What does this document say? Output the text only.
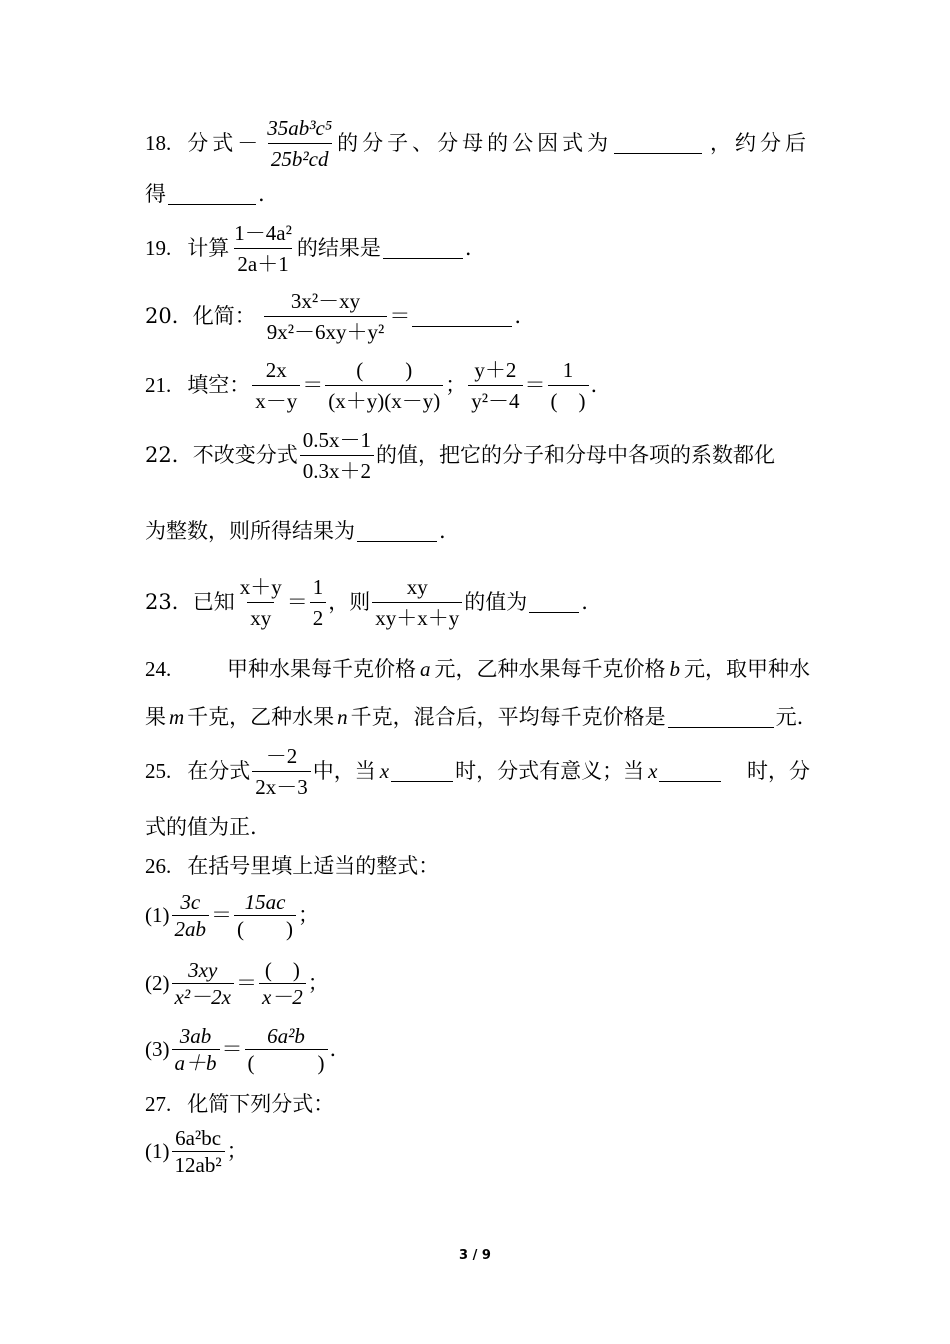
18. 分式－ $\frac{\text{35ab³c⁵}}{\text{25b²cd}}$ 的分子、分母的公因式为	，约分后
得	.
19. 计算 $\frac{\text{1－4a²}}{2a+1}$ 的结果是	.
20．化简： $\frac{\text{3x²－xy}}{\text{9x²－6xy＋y²}}$ ＝	.
21. 填空： $\frac{2x}{x-y} = \frac{( )}{(x+y)(x-y)}$ ； $\frac{y+2}{\text{y²－4}} = \frac{1}{( )}$ .
22．不改变分式 $\frac{0.5x-1}{0.3x+2}$ 的值，把它的分子和分母中各项的系数都化
为整数，则所得结果为	.
23．已知 $\frac{x+y}{xy} = \frac{1}{2}$ ，则 $\frac{xy}{xy+x+y}$ 的值为	.
24.	甲种水果每千克价格 a 元，乙种水果每千克价格 b 元，取甲种水
果 m 千克，乙种水果 n 千克，混合后，平均每千克价格是	元.
25. 在分式 $\frac{-2}{2x-3}$ 中，当 x	时，分式有意义；当 x	时，分
式的值为正.
26. 在括号里填上适当的整式：
$(1) \frac{3c}{2ab} = \frac{15ac}{( )}$ ；
$(2) \frac{3xy}{\text{x²－2x}} = \frac{( )}{x-2}$ ；
$(3) \frac{3ab}{a+b} = \frac{\text{6a²b}}{( )}$ .
27. 化简下列分式：
$(1) \frac{\text{6a²bc}}{\text{12ab²}}$ ；
3 / 9
